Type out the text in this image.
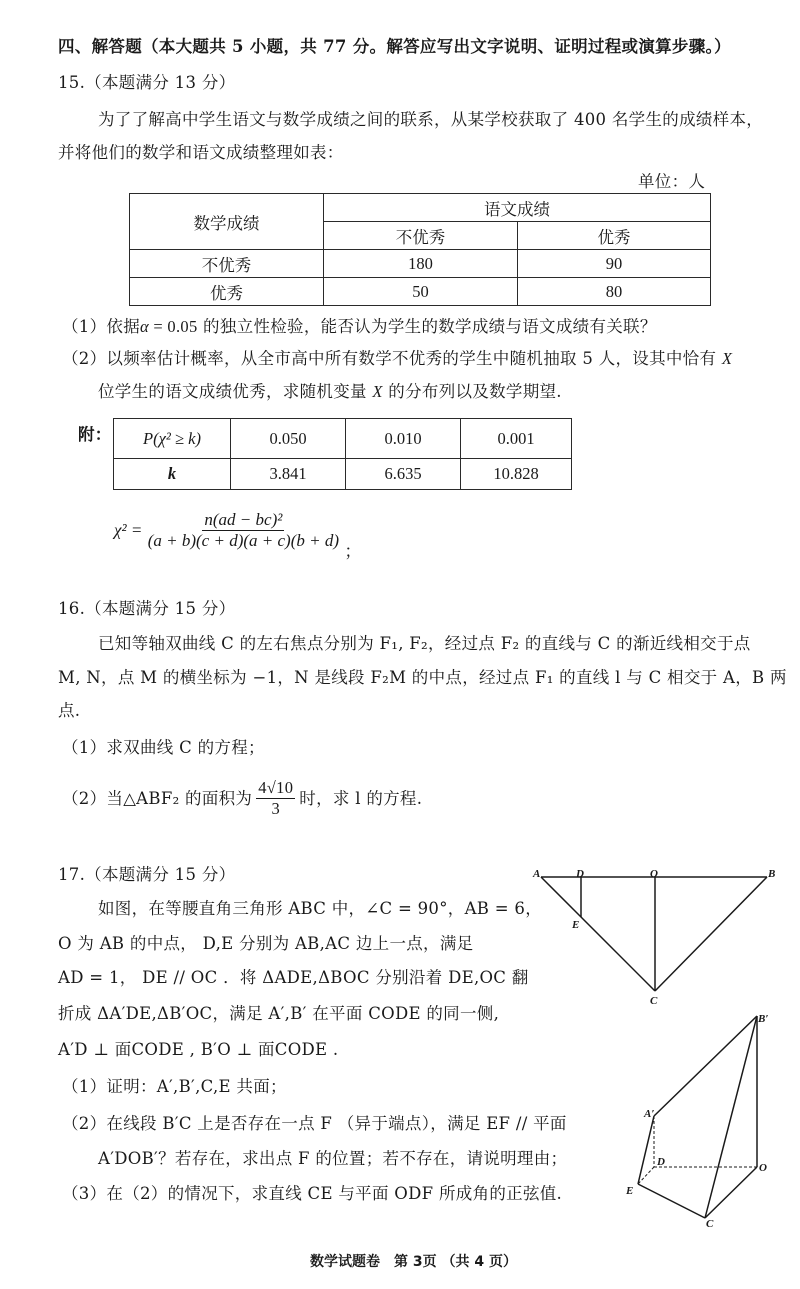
四、解答题（本大题共 5 小题，共 77 分。解答应写出文字说明、证明过程或演算步骤。）
15.（本题满分 13 分）
为了了解高中学生语文与数学成绩之间的联系，从某学校获取了 400 名学生的成绩样本，
并将他们的数学和语文成绩整理如表：
单位：人
数学成绩	语文成绩	
	不优秀	优秀
不优秀	180	90
优秀	50	80
（1）依据α = 0.05 的独立性检验，能否认为学生的数学成绩与语文成绩有关联？
（2）以频率估计概率，从全市高中所有数学不优秀的学生中随机抽取 5 人，设其中恰有 X
位学生的语文成绩优秀，求随机变量 X 的分布列以及数学期望.
附： P(χ² ≥ k)	0.050	0.010	0.001
k	3.841	6.635	10.828
$\chi^2 = \frac{\text{n(ad − bc)²}}{(a + b)(c + d)(a + c)(b + d)}$
；
16.（本题满分 15 分）
已知等轴双曲线 C 的左右焦点分别为 F₁, F₂，经过点 F₂ 的直线与 C 的渐近线相交于点
M, N，点 M 的横坐标为 −1，N 是线段 F₂M 的中点，经过点 F₁ 的直线 l 与 C 相交于 A，B 两
点.
（1）求双曲线 C 的方程；
（2）当△ABF₂ 的面积为 $\frac{4√10}{3}$ 时，求 l 的方程.
17.（本题满分 15 分）
如图，在等腰直角三角形 ABC 中，∠C = 90°，AB = 6，
O 为 AB 的中点， D,E 分别为 AB,AC 边上一点，满足
AD = 1， DE // OC ．将 ΔADE,ΔBOC 分别沿着 DE,OC 翻
折成 ΔA′DE,ΔB′OC，满足 A′,B′ 在平面 CODE 的同一侧,
A′D ⊥ 面CODE , B′O ⊥ 面CODE .
（1）证明：A′,B′,C,E 共面；
（2）在线段 B′C 上是否存在一点 F （异于端点），满足 EF // 平面
A′DOB′？若存在，求出点 F 的位置；若不存在，请说明理由；
（3）在（2）的情况下，求直线 CE 与平面 ODF 所成角的正弦值.
A	D	O	B
E
C
B′
A′
D	O
E
C
数学试题卷　第 3页 （共 4 页）
